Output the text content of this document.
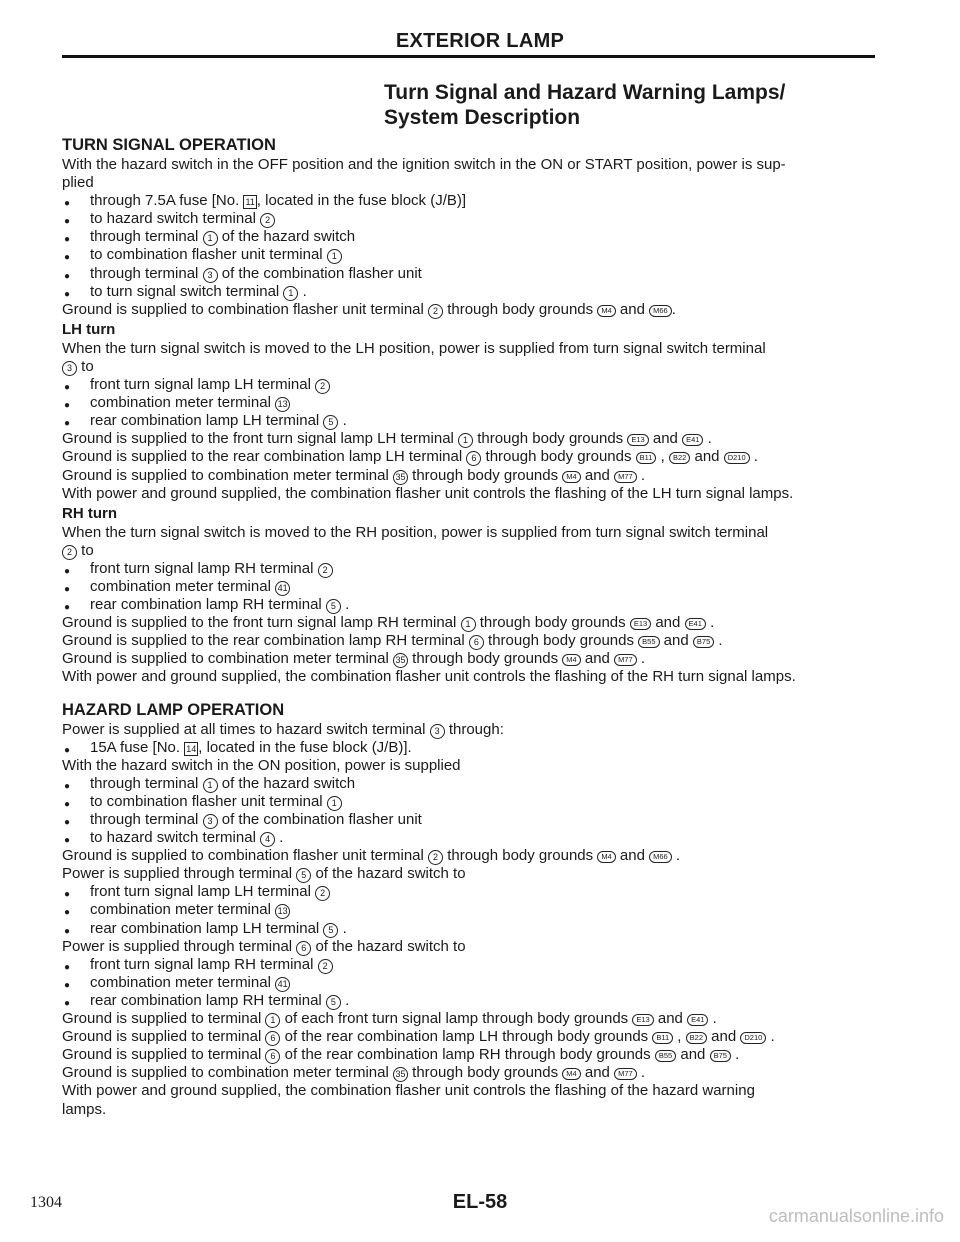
EXTERIOR LAMP
Turn Signal and Hazard Warning Lamps/
System Description
TURN SIGNAL OPERATION

With the hazard switch in the OFF position and the ignition switch in the ON or START position, power is sup-

plied

● through 7.5A fuse [No. 11 , located in the fuse block (J/B)]

● to hazard switch terminal 2

● through terminal 1 of the hazard switch

● to combination flasher unit terminal 1

● through terminal 3 of the combination flasher unit

● to turn signal switch terminal 1 .

Ground is supplied to combination flasher unit terminal 2 through body grounds M4 and M66 .

LH turn

When the turn signal switch is moved to the LH position, power is supplied from turn signal switch terminal

3 to

● front turn signal lamp LH terminal 2

● combination meter terminal 13

● rear combination lamp LH terminal 5 .

Ground is supplied to the front turn signal lamp LH terminal 1 through body grounds E13 and E41 .

Ground is supplied to the rear combination lamp LH terminal 6 through body grounds B11 , B22 and D210 .

Ground is supplied to combination meter terminal 35 through body grounds M4 and M77 .

With power and ground supplied, the combination flasher unit controls the flashing of the LH turn signal lamps.

RH turn

When the turn signal switch is moved to the RH position, power is supplied from turn signal switch terminal

2 to

● front turn signal lamp RH terminal 2

● combination meter terminal 41

● rear combination lamp RH terminal 5 .

Ground is supplied to the front turn signal lamp RH terminal 1 through body grounds E13 and E41 .

Ground is supplied to the rear combination lamp RH terminal 6 through body grounds B55 and B75 .

Ground is supplied to combination meter terminal 35 through body grounds M4 and M77 .

With power and ground supplied, the combination flasher unit controls the flashing of the RH turn signal lamps.

HAZARD LAMP OPERATION

Power is supplied at all times to hazard switch terminal 3 through:

● 15A fuse [No. 14 , located in the fuse block (J/B)].

With the hazard switch in the ON position, power is supplied

● through terminal 1 of the hazard switch

● to combination flasher unit terminal 1

● through terminal 3 of the combination flasher unit

● to hazard switch terminal 4 .

Ground is supplied to combination flasher unit terminal 2 through body grounds M4 and M66 .

Power is supplied through terminal 5 of the hazard switch to

● front turn signal lamp LH terminal 2

● combination meter terminal 13

● rear combination lamp LH terminal 5 .

Power is supplied through terminal 6 of the hazard switch to

● front turn signal lamp RH terminal 2

● combination meter terminal 41

● rear combination lamp RH terminal 5 .

Ground is supplied to terminal 1 of each front turn signal lamp through body grounds E13 and E41 .

Ground is supplied to terminal 6 of the rear combination lamp LH through body grounds B11 , B22 and D210 .

Ground is supplied to terminal 6 of the rear combination lamp RH through body grounds B55 and B75 .

Ground is supplied to combination meter terminal 35 through body grounds M4 and M77 .

With power and ground supplied, the combination flasher unit controls the flashing of the hazard warning

lamps.

1304	EL-58
carmanualsonline.info
